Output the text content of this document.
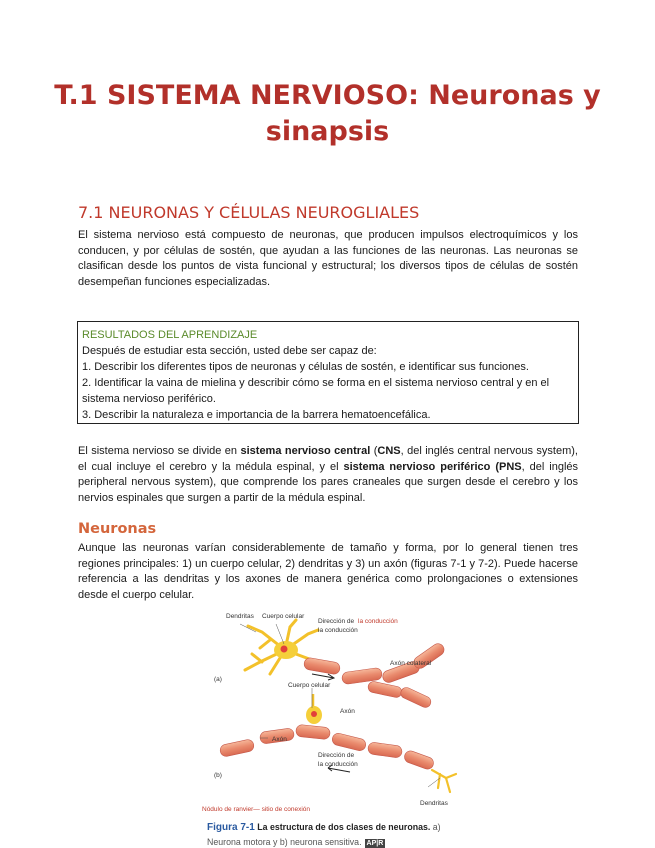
T.1 SISTEMA NERVIOSO: Neuronas y
sinapsis
7.1 NEURONAS Y CÉLULAS NEUROGLIALES

El sistema nervioso está compuesto de neuronas, que producen impulsos electroquímicos y los conducen, y por células de sostén, que ayudan a las funciones de las neuronas. Las neuronas se clasifican desde los puntos de vista funcional y estructural; los diversos tipos de células de sostén desempeñan funciones especializadas.

RESULTADOS DEL APRENDIZAJE
Después de estudiar esta sección, usted debe ser capaz de:
1. Describir los diferentes tipos de neuronas y células de sostén, e identificar sus funciones.
2. Identificar la vaina de mielina y describir cómo se forma en el sistema nervioso central y en el sistema nervioso periférico.
3. Describir la naturaleza e importancia de la barrera hematoencefálica.

El sistema nervioso se divide en sistema nervioso central (CNS, del inglés central nervous system), el cual incluye el cerebro y la médula espinal, y el sistema nervioso periférico (PNS, del inglés peripheral nervous system), que comprende los pares craneales que surgen desde el cerebro y los nervios espinales que surgen a partir de la médula espinal.

Neuronas

Aunque las neuronas varían considerablemente de tamaño y forma, por lo general tienen tres regiones principales: 1) un cuerpo celular, 2) dendritas y 3) un axón (figuras 7-1 y 7-2). Puede hacerse referencia a las dendritas y los axones de manera genérica como prolongaciones o extensiones desde el cuerpo celular.

Dendritas Cuerpo celular
Dirección de la conducción
la conducción
Axón colateral
(a)
Cuerpo celular
Axón
Axón
Dirección de
la conducción
(b)
Dendritas
Nódulo de ranvier— sitio de conexión
Figura 7-1 La estructura de dos clases de neuronas. a) Neurona motora y b) neurona sensitiva. AP|R
